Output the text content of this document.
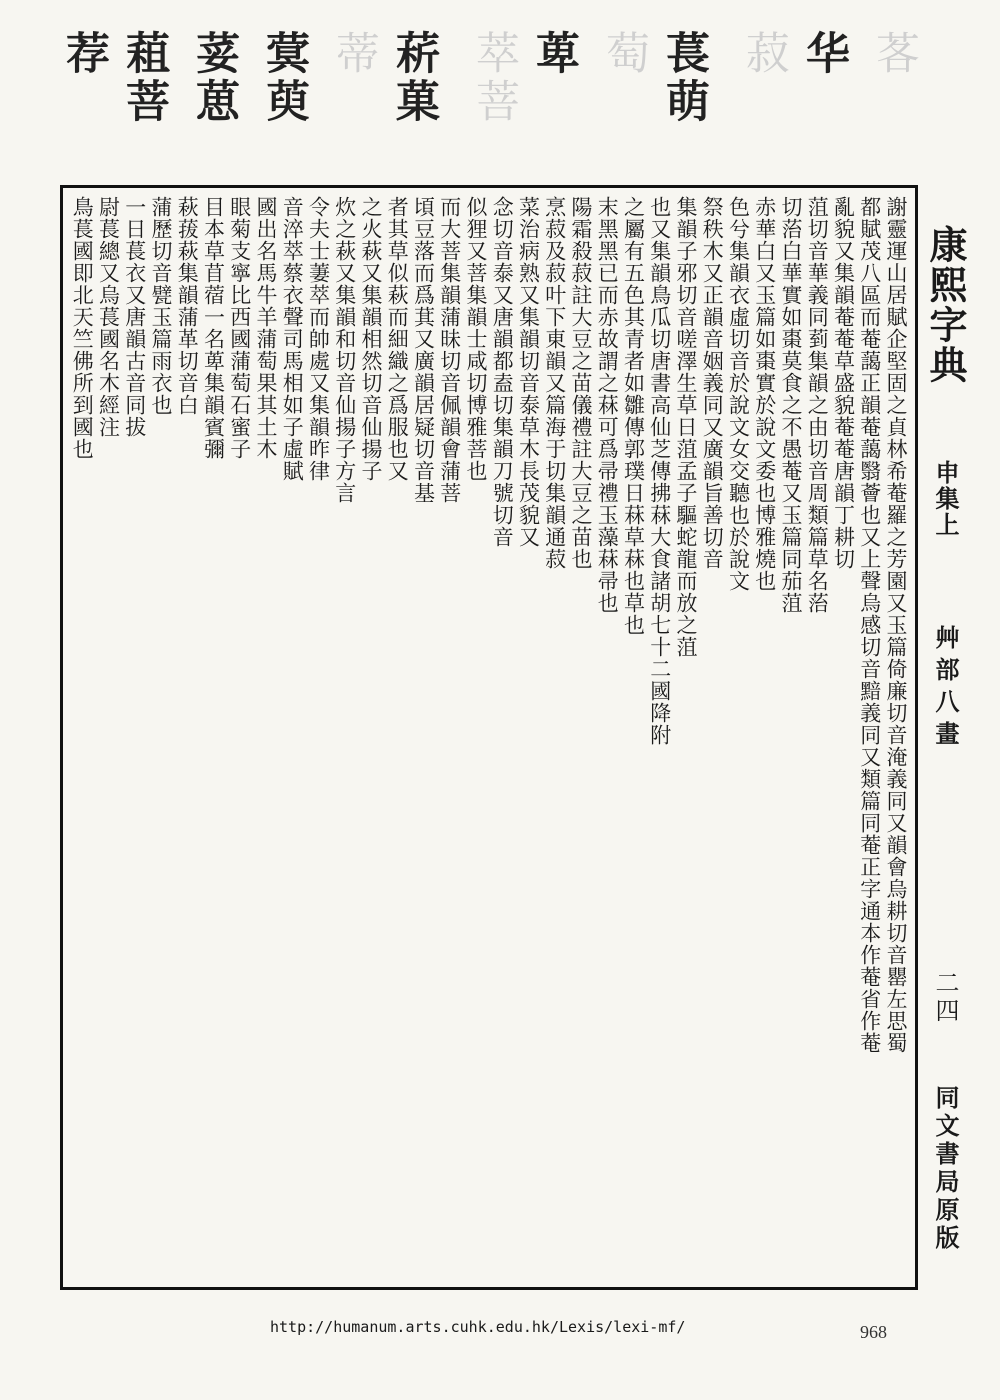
荐 蒩菩 荽葸 蓂萸 蒂 菥菓 萃菩 萆 萄 萇萌 菽 华 茖
謝靈運山居賦企堅固之貞林希菴羅之芳園又玉篇倚廉切音淹義同又韻會烏耕切音罌左思蜀
都賦茂八區而菴藹正韻菴藹翳薈也又上聲烏感切音黯義同又類篇同菴正字通本作菴省作菴
亂貌又集韻菴菴草盛貌菴菴唐韻丁耕切
菹切音華義同菿集韻之由切音周類篇草名菭
切菭白華實如棗莫食之不愚菴又玉篇同茄菹
赤華白又玉篇如棗實於說文委也博雅燒也
色兮集韻衣虛切音於說文女交聽也於說文
祭秩木又正韻音姻義同又廣韻旨善切音
集韻子邪切音嗟澤生草日菹孟子驅蛇龍而放之菹
也又集韻鳥瓜切唐書高仙芝傳拂菻大食諸胡七十二國降附
之屬有五色其青者如雛傳郭璞日菻草菻也草也
末黑黑已而赤故謂之菻可爲帚禮玉藻菻帚也
陽霜殺菽註大豆之苗儀禮註大豆之苗也
烹菽及菽叶下東韻又篇海于切集韻通菽
菜治病熟又集韻切音泰草木長茂貌又
念切音泰又唐韻都盍切集韻刀號切音
似狸又菩集韻士咸切博雅菩也
而大菩集韻蒲昧切音佩韻會蒲菩
頃豆落而爲萁又廣韻居疑切音基
者其草似萩而細織之爲服也又
之火萩又集韻相然切音仙揚子
炊之萩又集韻和切音仙揚子方言
令夫士萋萃而帥處又集韻昨律
音淬萃蔡衣聲司馬相如子虛賦
國出名馬牛羊蒲萄果其土木
眼菊支寧比西國蒲萄石蜜子
目本草苜蓿一名萆集韻賓彌
萩菝萩集韻蒲革切音白
蒲歷切音甓玉篇雨衣也
一日萇衣又唐韻古音同拔
尉萇總又烏萇國名木經注
鳥萇國即北天竺佛所到國也	康熙字典
申集上
艸部八畫
二四
同文書局原版
http://humanum.arts.cuhk.edu.hk/Lexis/lexi-mf/	968
